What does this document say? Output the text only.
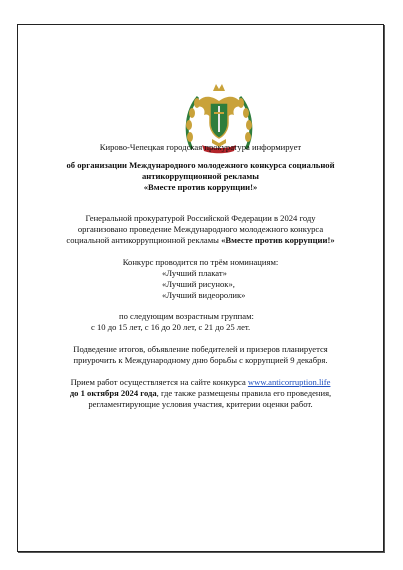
Кирово-Чепецкая городская прокуратура информирует
об организации Международного молодежного конкурса социальной
антикоррупционной рекламы
«Вместе против коррупции!»
Генеральной прокуратурой Российской Федерации в 2024 году
организовано проведение Международного молодежного конкурса
социальной антикоррупционной рекламы «Вместе против коррупции!»
Конкурс проводится по трём номинациям:
«Лучший плакат»
«Лучший рисунок»,
«Лучший видеоролик»
по следующим возрастным группам:
с 10 до 15 лет, с 16 до 20 лет, с 21 до 25 лет.
Подведение итогов, объявление победителей и призеров планируется
приурочить к Международному дню борьбы с коррупцией 9 декабря.
Прием работ осуществляется на сайте конкурса www.anticorruption.life
до 1 октября 2024 года, где также размещены правила его проведения,
регламентирующие условия участия, критерии оценки работ.
